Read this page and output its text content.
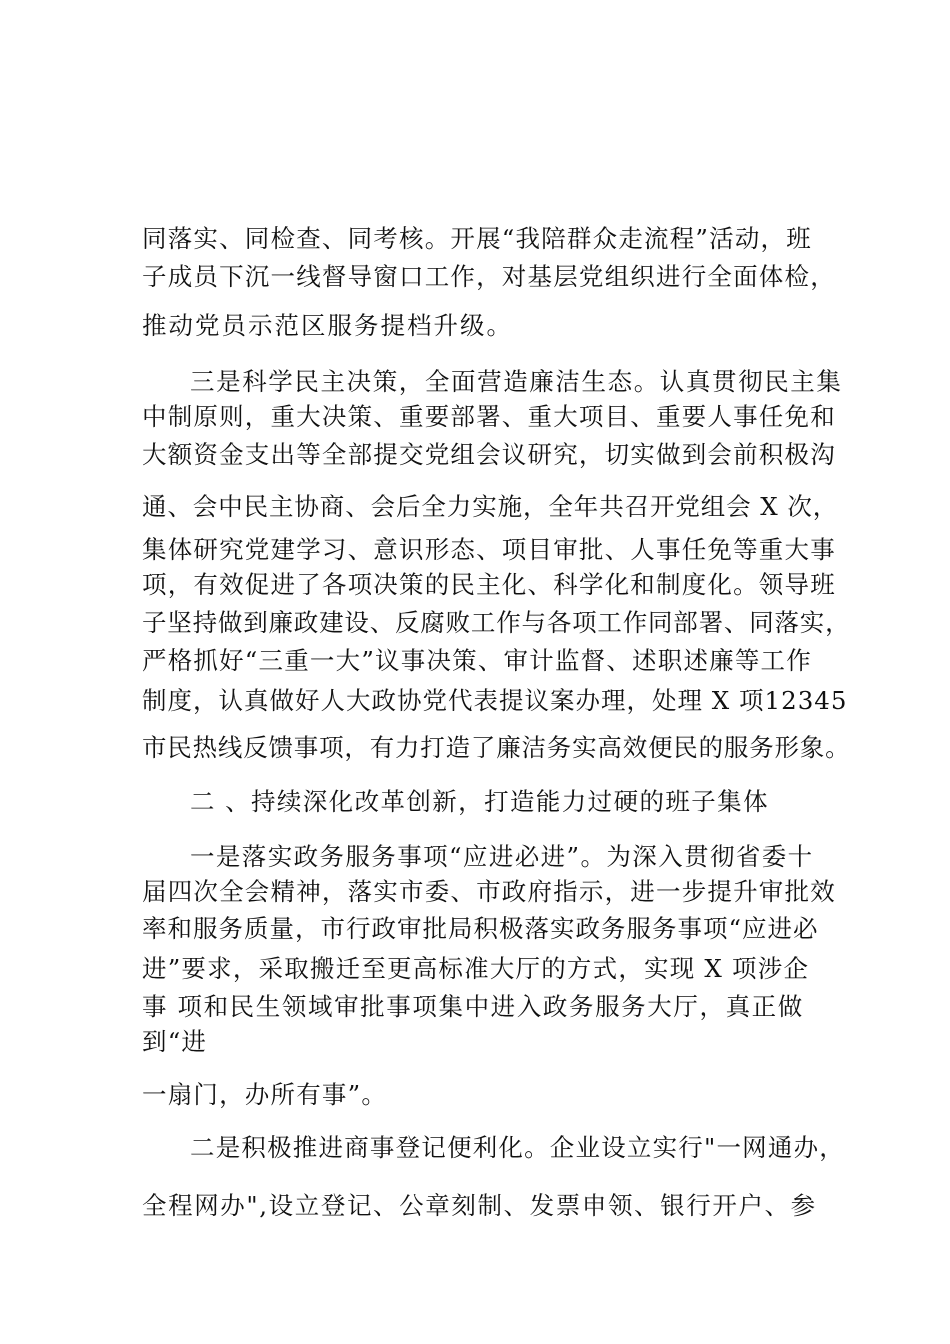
同落实、同检查、同考核。开展“我陪群众走流程”活动，班
子成员下沉一线督导窗口工作，对基层党组织进行全面体检，
推动党员示范区服务提档升级。
三是科学民主决策，全面营造廉洁生态。认真贯彻民主集
中制原则，重大决策、重要部署、重大项目、重要人事任免和
大额资金支出等全部提交党组会议研究，切实做到会前积极沟
通、会中民主协商、会后全力实施，全年共召开党组会 X 次，
集体研究党建学习、意识形态、项目审批、人事任免等重大事
项，有效促进了各项决策的民主化、科学化和制度化。领导班
子坚持做到廉政建设、反腐败工作与各项工作同部署、同落实，
严格抓好“三重一大”议事决策、审计监督、述职述廉等工作
制度，认真做好人大政协党代表提议案办理，处理 X 项12345
市民热线反馈事项，有力打造了廉洁务实高效便民的服务形象。
二 、持续深化改革创新，打造能力过硬的班子集体
一是落实政务服务事项“应进必进”。为深入贯彻省委十
届四次全会精神，落实市委、市政府指示，进一步提升审批效
率和服务质量，市行政审批局积极落实政务服务事项“应进必
进”要求，采取搬迁至更高标准大厅的方式，实现 X 项涉企
事 项和民生领域审批事项集中进入政务服务大厅，真正做
到“进
一扇门，办所有事”。
二是积极推进商事登记便利化。企业设立实行"一网通办，
全程网办",设立登记、公章刻制、发票申领、银行开户、参
